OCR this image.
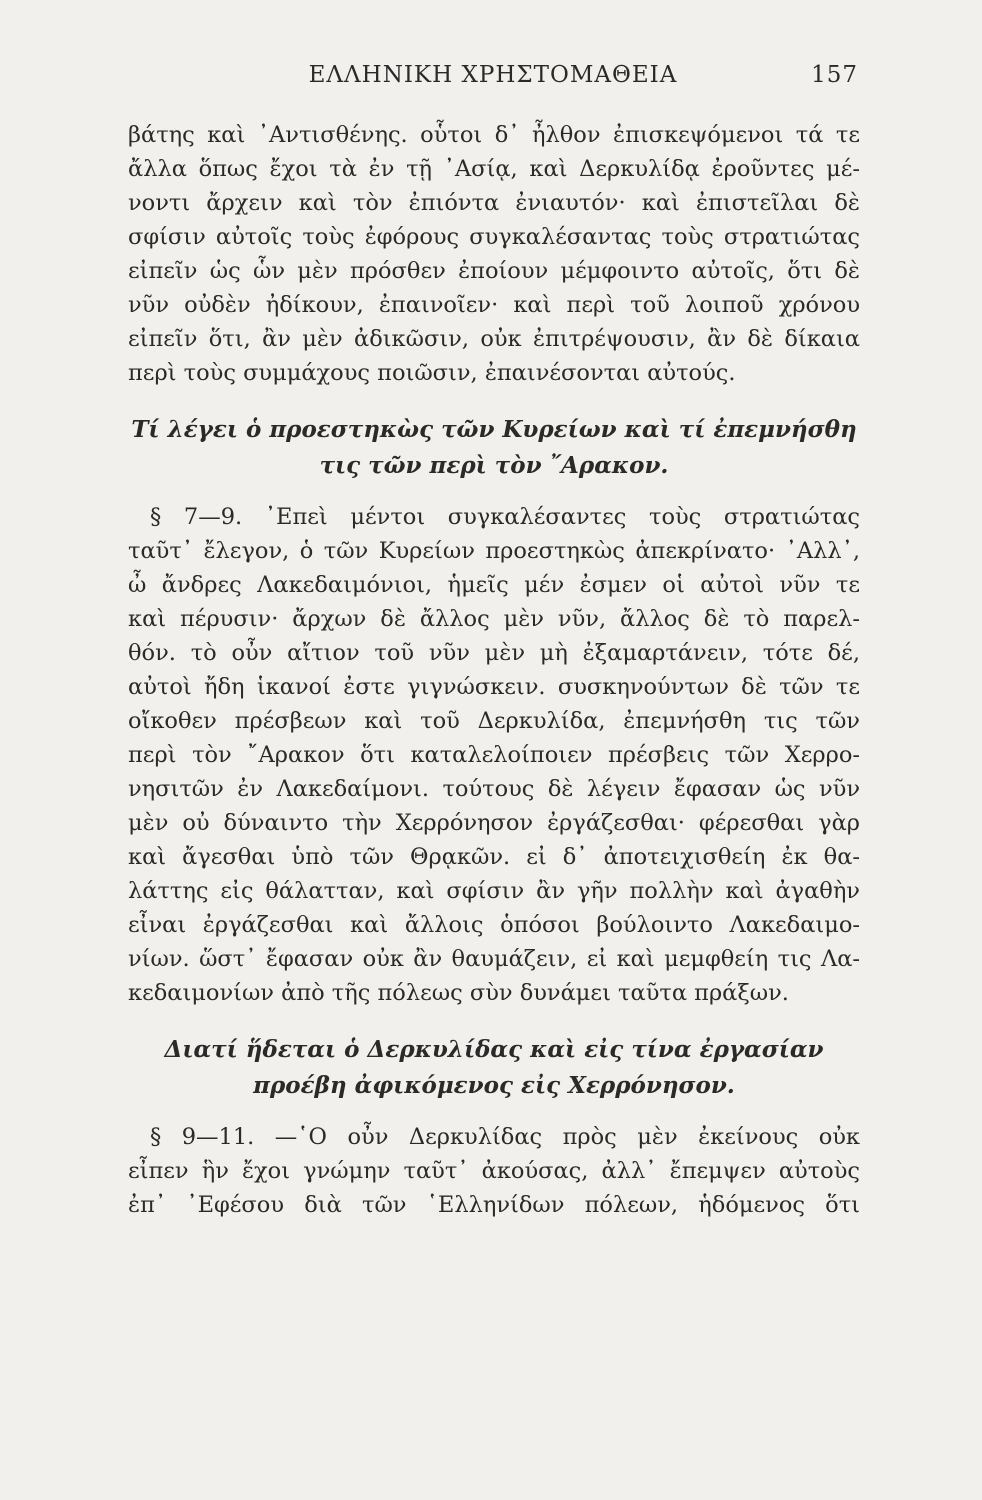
ΕΛΛΗΝΙΚΗ ΧΡΗΣΤΟΜΑΘΕΙΑ	157
βάτης καὶ ᾿Αντισθένης. οὗτοι δ᾿ ἦλθον ἐπισκεψόμενοι τά τε
ἄλλα ὅπως ἔχοι τὰ ἐν τῇ ᾿Ασίᾳ, καὶ Δερκυλίδᾳ ἐροῦντες μέ-
νοντι ἄρχειν καὶ τὸν ἐπιόντα ἐνιαυτόν· καὶ ἐπιστεῖλαι δὲ
σφίσιν αὐτοῖς τοὺς ἐφόρους συγκαλέσαντας τοὺς στρατιώτας
εἰπεῖν ὡς ὧν μὲν πρόσθεν ἐποίουν μέμφοιντο αὐτοῖς, ὅτι δὲ
νῦν οὐδὲν ἠδίκουν, ἐπαινοῖεν· καὶ περὶ τοῦ λοιποῦ χρόνου
εἰπεῖν ὅτι, ἂν μὲν ἀδικῶσιν, οὐκ ἐπιτρέψουσιν, ἂν δὲ δίκαια
περὶ τοὺς συμμάχους ποιῶσιν, ἐπαινέσονται αὐτούς.
Τί λέγει ὁ προεστηκὼς τῶν Κυρείων καὶ τί ἐπεμνήσθη
τις τῶν περὶ τὸν ῎Αρακον.
§ 7—9. ᾿Επεὶ μέντοι συγκαλέσαντες τοὺς στρατιώτας
ταῦτ᾿ ἔλεγον, ὁ τῶν Κυρείων προεστηκὼς ἀπεκρίνατο· ᾿Αλλ᾿,
ὦ ἄνδρες Λακεδαιμόνιοι, ἡμεῖς μέν ἐσμεν οἱ αὐτοὶ νῦν τε
καὶ πέρυσιν· ἄρχων δὲ ἄλλος μὲν νῦν, ἄλλος δὲ τὸ παρελ-
θόν. τὸ οὖν αἴτιον τοῦ νῦν μὲν μὴ ἐξαμαρτάνειν, τότε δέ,
αὐτοὶ ἤδη ἱκανοί ἐστε γιγνώσκειν. συσκηνούντων δὲ τῶν τε
οἴκοθεν πρέσβεων καὶ τοῦ Δερκυλίδα, ἐπεμνήσθη τις τῶν
περὶ τὸν ῎Αρακον ὅτι καταλελοίποιεν πρέσβεις τῶν Χερρο-
νησιτῶν ἐν Λακεδαίμονι. τούτους δὲ λέγειν ἔφασαν ὡς νῦν
μὲν οὐ δύναιντο τὴν Χερρόνησον ἐργάζεσθαι· φέρεσθαι γὰρ
καὶ ἄγεσθαι ὑπὸ τῶν Θρᾳκῶν. εἰ δ᾿ ἀποτειχισθείη ἐκ θα-
λάττης εἰς θάλατταν, καὶ σφίσιν ἂν γῆν πολλὴν καὶ ἀγαθὴν
εἶναι ἐργάζεσθαι καὶ ἄλλοις ὁπόσοι βούλοιντο Λακεδαιμο-
νίων. ὥστ᾿ ἔφασαν οὐκ ἂν θαυμάζειν, εἰ καὶ μεμφθείη τις Λα-
κεδαιμονίων ἀπὸ τῆς πόλεως σὺν δυνάμει ταῦτα πράξων.
Διατί ἥδεται ὁ Δερκυλίδας καὶ εἰς τίνα ἐργασίαν
προέβη ἀφικόμενος εἰς Χερρόνησον.
§ 9—11. —῾Ο οὖν Δερκυλίδας πρὸς μὲν ἐκείνους οὐκ
εἶπεν ἣν ἔχοι γνώμην ταῦτ᾿ ἀκούσας, ἀλλ᾿ ἔπεμψεν αὐτοὺς
ἐπ᾿ ᾿Εφέσου διὰ τῶν ῾Ελληνίδων πόλεων, ἡδόμενος ὅτι
